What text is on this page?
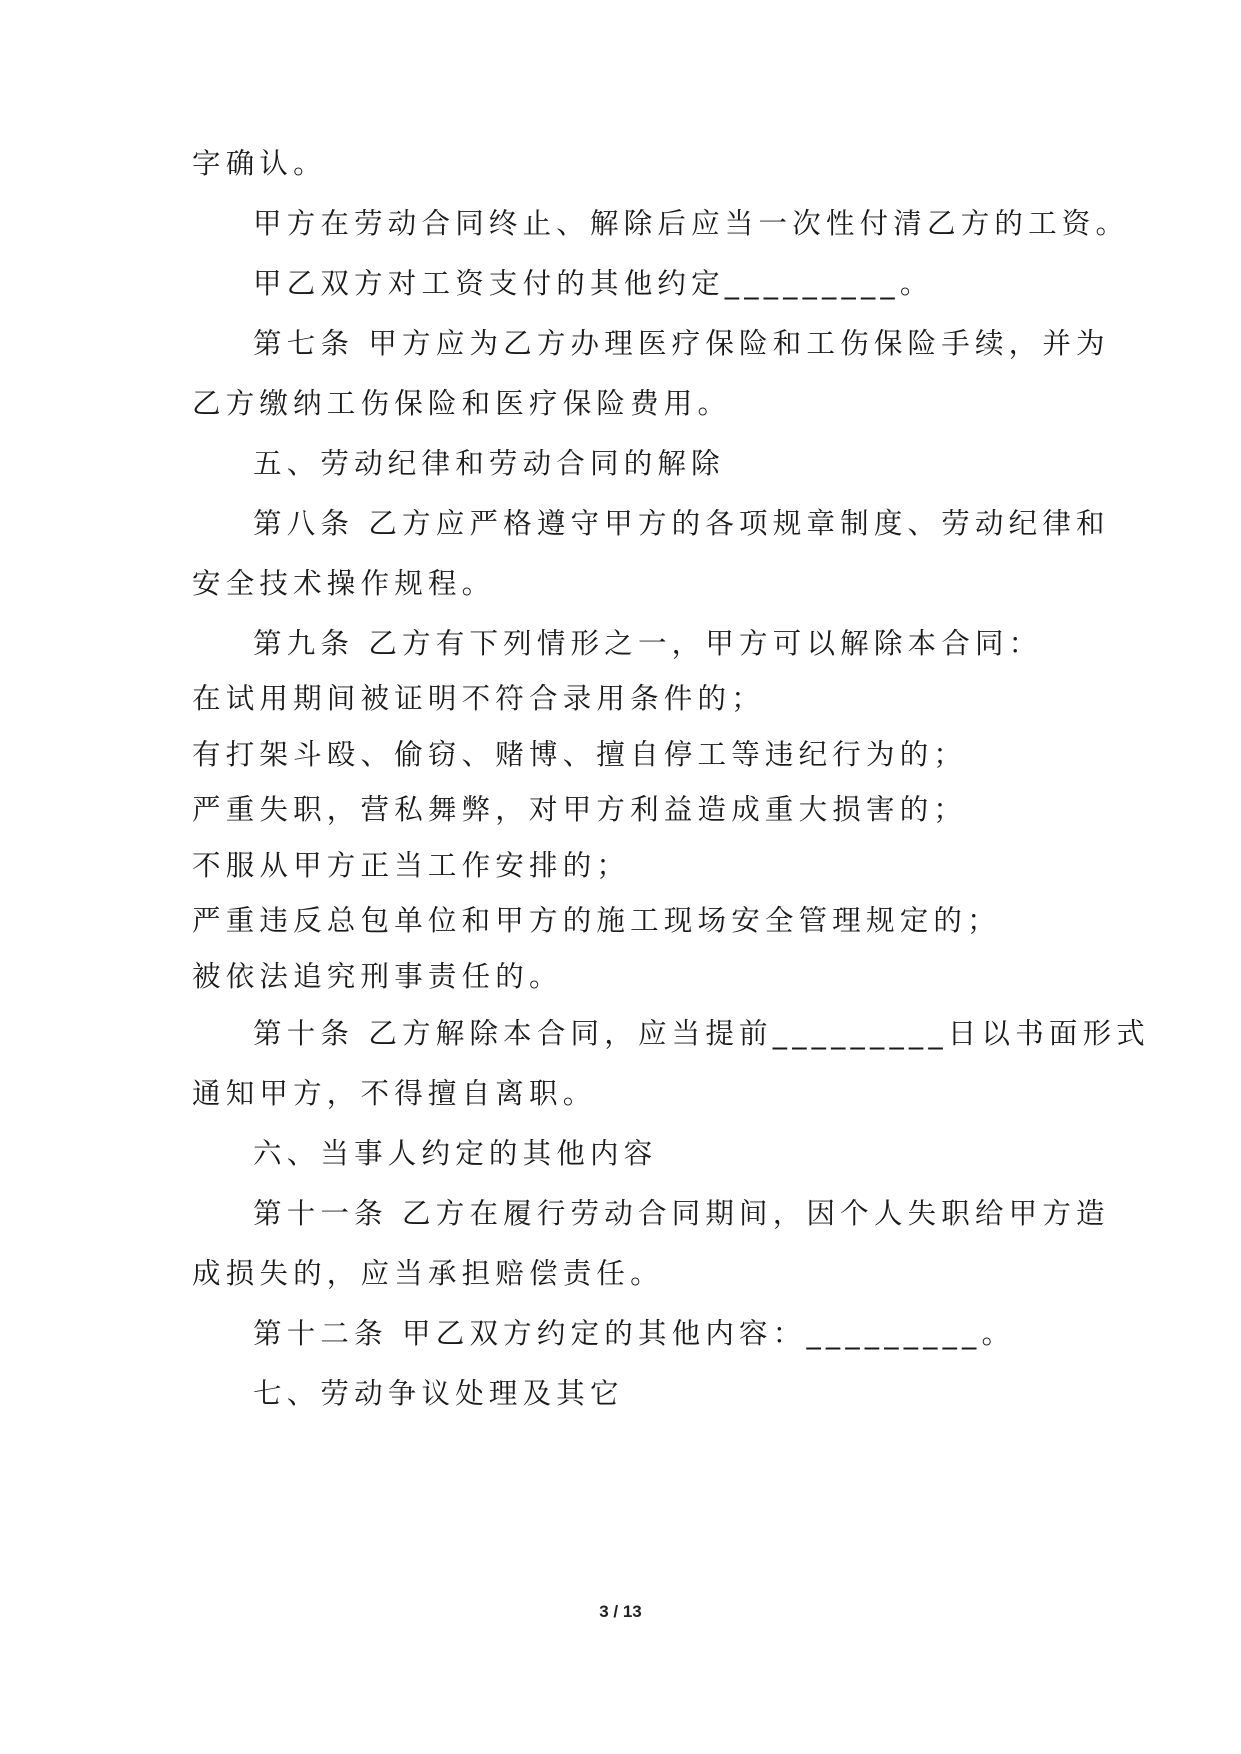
字确认。
甲方在劳动合同终止、解除后应当一次性付清乙方的工资。
甲乙双方对工资支付的其他约定_________。
第七条 甲方应为乙方办理医疗保险和工伤保险手续，并为
乙方缴纳工伤保险和医疗保险费用。
五、劳动纪律和劳动合同的解除
第八条 乙方应严格遵守甲方的各项规章制度、劳动纪律和
安全技术操作规程。
第九条 乙方有下列情形之一，甲方可以解除本合同：
在试用期间被证明不符合录用条件的；
有打架斗殴、偷窃、赌博、擅自停工等违纪行为的；
严重失职，营私舞弊，对甲方利益造成重大损害的；
不服从甲方正当工作安排的；
严重违反总包单位和甲方的施工现场安全管理规定的；
被依法追究刑事责任的。
第十条 乙方解除本合同，应当提前_________日以书面形式
通知甲方，不得擅自离职。
六、当事人约定的其他内容
第十一条 乙方在履行劳动合同期间，因个人失职给甲方造
成损失的，应当承担赔偿责任。
第十二条 甲乙双方约定的其他内容：_________。
七、劳动争议处理及其它
3 / 13
